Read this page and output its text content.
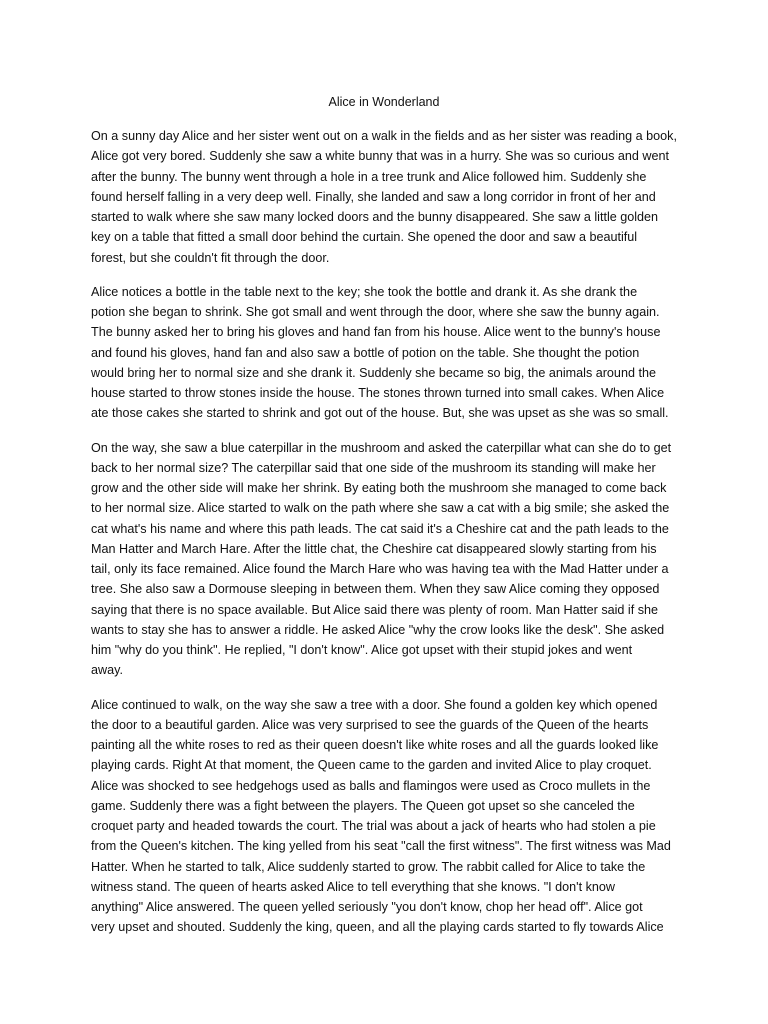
Alice in Wonderland

On a sunny day Alice and her sister went out on a walk in the fields and as her sister was reading a book,
Alice got very bored. Suddenly she saw a white bunny that was in a hurry. She was so curious and went
after the bunny. The bunny went through a hole in a tree trunk and Alice followed him. Suddenly she
found herself falling in a very deep well. Finally, she landed and saw a long corridor in front of her and
started to walk where she saw many locked doors and the bunny disappeared. She saw a little golden
key on a table that fitted a small door behind the curtain. She opened the door and saw a beautiful
forest, but she couldn't fit through the door.

Alice notices a bottle in the table next to the key; she took the bottle and drank it. As she drank the
potion she began to shrink. She got small and went through the door, where she saw the bunny again.
The bunny asked her to bring his gloves and hand fan from his house. Alice went to the bunny's house
and found his gloves, hand fan and also saw a bottle of potion on the table. She thought the potion
would bring her to normal size and she drank it. Suddenly she became so big, the animals around the
house started to throw stones inside the house. The stones thrown turned into small cakes. When Alice
ate those cakes she started to shrink and got out of the house. But, she was upset as she was so small.

On the way, she saw a blue caterpillar in the mushroom and asked the caterpillar what can she do to get
back to her normal size? The caterpillar said that one side of the mushroom its standing will make her
grow and the other side will make her shrink. By eating both the mushroom she managed to come back
to her normal size. Alice started to walk on the path where she saw a cat with a big smile; she asked the
cat what's his name and where this path leads. The cat said it's a Cheshire cat and the path leads to the
Man Hatter and March Hare. After the little chat, the Cheshire cat disappeared slowly starting from his
tail, only its face remained. Alice found the March Hare who was having tea with the Mad Hatter under a
tree. She also saw a Dormouse sleeping in between them. When they saw Alice coming they opposed
saying that there is no space available. But Alice said there was plenty of room. Man Hatter said if she
wants to stay she has to answer a riddle. He asked Alice "why the crow looks like the desk". She asked
him "why do you think". He replied, "I don't know". Alice got upset with their stupid jokes and went
away.

Alice continued to walk, on the way she saw a tree with a door. She found a golden key which opened
the door to a beautiful garden. Alice was very surprised to see the guards of the Queen of the hearts
painting all the white roses to red as their queen doesn't like white roses and all the guards looked like
playing cards. Right At that moment, the Queen came to the garden and invited Alice to play croquet.
Alice was shocked to see hedgehogs used as balls and flamingos were used as Croco mullets in the
game. Suddenly there was a fight between the players. The Queen got upset so she canceled the
croquet party and headed towards the court. The trial was about a jack of hearts who had stolen a pie
from the Queen's kitchen. The king yelled from his seat "call the first witness". The first witness was Mad
Hatter. When he started to talk, Alice suddenly started to grow. The rabbit called for Alice to take the
witness stand. The queen of hearts asked Alice to tell everything that she knows. "I don't know
anything" Alice answered. The queen yelled seriously "you don't know, chop her head off". Alice got
very upset and shouted. Suddenly the king, queen, and all the playing cards started to fly towards Alice
